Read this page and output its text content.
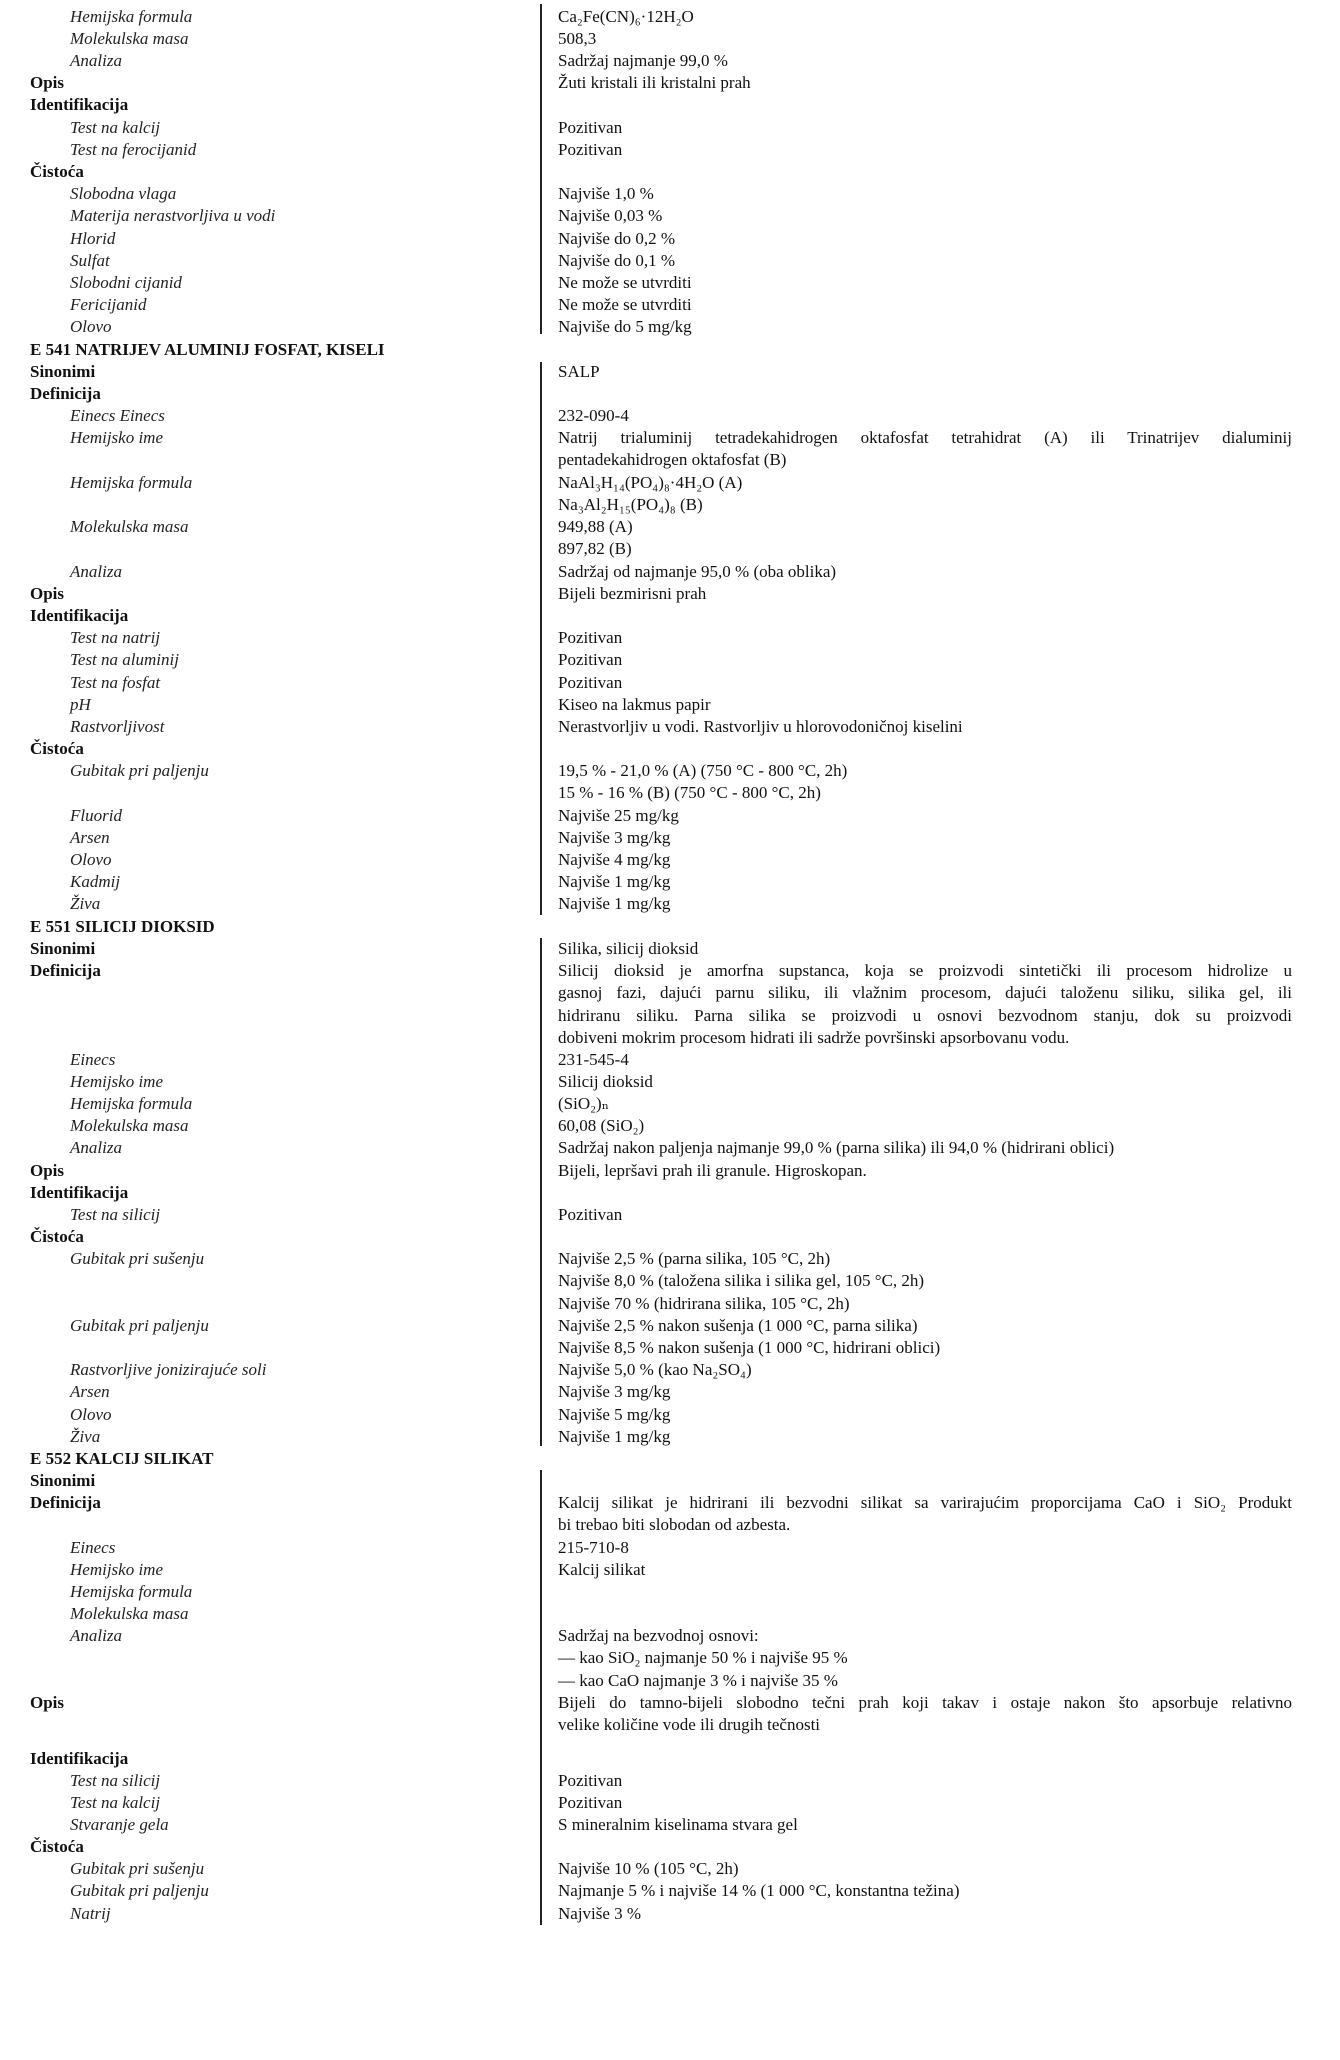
Hemijska formula	Ca₂Fe(CN)₆·12H₂O
Molekulska masa	508,3
Analiza	Sadržaj najmanje 99,0 %
Opis	Žuti kristali ili kristalni prah
Identifikacija
Test na kalcij	Pozitivan
Test na ferocijanid	Pozitivan
Čistoća
Slobodna vlaga	Najviše 1,0 %
Materija nerastvorljiva u vodi	Najviše 0,03 %
Hlorid	Najviše do 0,2 %
Sulfat	Najviše do 0,1 %
Slobodni cijanid	Ne može se utvrditi
Fericijanid	Ne može se utvrditi
Olovo	Najviše do 5 mg/kg
E 541 NATRIJEV ALUMINIJ FOSFAT, KISELI
Sinonimi	SALP
Definicija
Einecs Einecs	232-090-4
Hemijsko ime	Natrij trialuminij tetradekahidrogen oktafosfat tetrahidrat (A) ili Trinatrijev dialuminij
pentadekahidrogen oktafosfat (B)
Hemijska formula	NaAl₃H₁₄(PO₄)₈·4H₂O (A)
Na₃Al₂H₁₅(PO₄)₈ (B)
Molekulska masa	949,88 (A)
897,82 (B)
Analiza	Sadržaj od najmanje 95,0 % (oba oblika)
Opis	Bijeli bezmirisni prah
Identifikacija
Test na natrij	Pozitivan
Test na aluminij	Pozitivan
Test na fosfat	Pozitivan
pH	Kiseo na lakmus papir
Rastvorljivost	Nerastvorljiv u vodi. Rastvorljiv u hlorovodoničnoj kiselini
Čistoća
Gubitak pri paljenju	19,5 % - 21,0 % (A) (750 °C - 800 °C, 2h)
15 % - 16 % (B) (750 °C - 800 °C, 2h)
Fluorid	Najviše 25 mg/kg
Arsen	Najviše 3 mg/kg
Olovo	Najviše 4 mg/kg
Kadmij	Najviše 1 mg/kg
Živa	Najviše 1 mg/kg
E 551 SILICIJ DIOKSID
Sinonimi	Silika, silicij dioksid
Definicija	Silicij dioksid je amorfna supstanca, koja se proizvodi sintetički ili procesom hidrolize u
gasnoj fazi, dajući parnu siliku, ili vlažnim procesom, dajući taloženu siliku, silika gel, ili
hidriranu siliku. Parna silika se proizvodi u osnovi bezvodnom stanju, dok su proizvodi
dobiveni mokrim procesom hidrati ili sadrže površinski apsorbovanu vodu.
Einecs	231-545-4
Hemijsko ime	Silicij dioksid
Hemijska formula	(SiO₂)ₙ
Molekulska masa	60,08 (SiO₂)
Analiza	Sadržaj nakon paljenja najmanje 99,0 % (parna silika) ili 94,0 % (hidrirani oblici)
Opis	Bijeli, lepršavi prah ili granule. Higroskopan.
Identifikacija
Test na silicij	Pozitivan
Čistoća
Gubitak pri sušenju	Najviše 2,5 % (parna silika, 105 °C, 2h)
Najviše 8,0 % (taložena silika i silika gel, 105 °C, 2h)
Najviše 70 % (hidrirana silika, 105 °C, 2h)
Gubitak pri paljenju	Najviše 2,5 % nakon sušenja (1 000 °C, parna silika)
Najviše 8,5 % nakon sušenja (1 000 °C, hidrirani oblici)
Rastvorljive jonizirajuće soli	Najviše 5,0 % (kao Na₂SO₄)
Arsen	Najviše 3 mg/kg
Olovo	Najviše 5 mg/kg
Živa	Najviše 1 mg/kg
E 552 KALCIJ SILIKAT
Sinonimi
Definicija	Kalcij silikat je hidrirani ili bezvodni silikat sa varirajućim proporcijama CaO i SiO₂ Produkt
bi trebao biti slobodan od azbesta.
Einecs	215-710-8
Hemijsko ime	Kalcij silikat
Hemijska formula
Molekulska masa
Analiza	Sadržaj na bezvodnoj osnovi:
— kao SiO₂ najmanje 50 % i najviše 95 %
— kao CaO najmanje 3 % i najviše 35 %
Opis	Bijeli do tamno-bijeli slobodno tečni prah koji takav i ostaje nakon što apsorbuje relativno
velike količine vode ili drugih tečnosti
Identifikacija
Test na silicij	Pozitivan
Test na kalcij	Pozitivan
Stvaranje gela	S mineralnim kiselinama stvara gel
Čistoća
Gubitak pri sušenju	Najviše 10 % (105 °C, 2h)
Gubitak pri paljenju	Najmanje 5 % i najviše 14 % (1 000 °C, konstantna težina)
Natrij	Najviše 3 %
